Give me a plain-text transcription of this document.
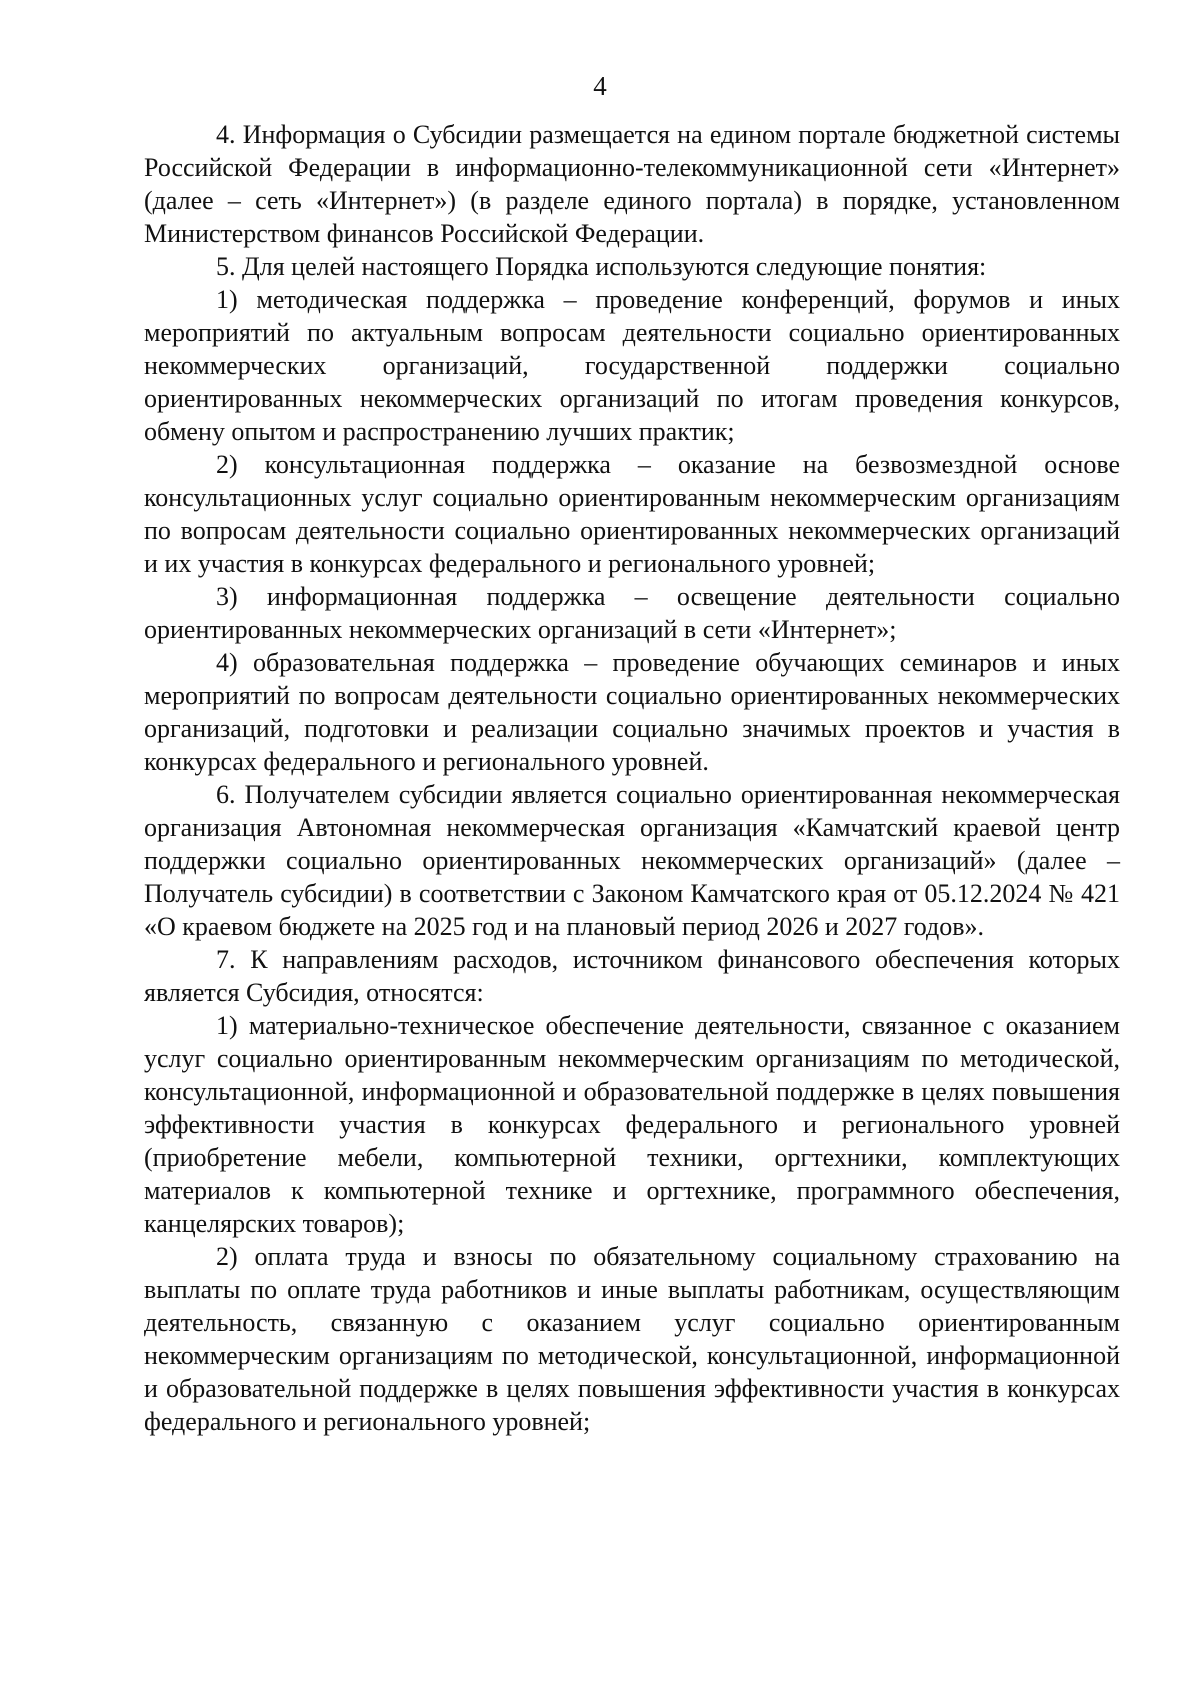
4

4. Информация о Субсидии размещается на едином портале бюджетной системы Российской Федерации в информационно-телекоммуникационной сети «Интернет» (далее – сеть «Интернет») (в разделе единого портала) в порядке, установленном Министерством финансов Российской Федерации.

5. Для целей настоящего Порядка используются следующие понятия:

1) методическая поддержка – проведение конференций, форумов и иных мероприятий по актуальным вопросам деятельности социально ориентированных некоммерческих организаций, государственной поддержки социально ориентированных некоммерческих организаций по итогам проведения конкурсов, обмену опытом и распространению лучших практик;

2) консультационная поддержка – оказание на безвозмездной основе консультационных услуг социально ориентированным некоммерческим организациям по вопросам деятельности социально ориентированных некоммерческих организаций и их участия в конкурсах федерального и регионального уровней;

3) информационная поддержка – освещение деятельности социально ориентированных некоммерческих организаций в сети «Интернет»;

4) образовательная поддержка – проведение обучающих семинаров и иных мероприятий по вопросам деятельности социально ориентированных некоммерческих организаций, подготовки и реализации социально значимых проектов и участия в конкурсах федерального и регионального уровней.

6. Получателем субсидии является социально ориентированная некоммерческая организация Автономная некоммерческая организация «Камчатский краевой центр поддержки социально ориентированных некоммерческих организаций» (далее – Получатель субсидии) в соответствии с Законом Камчатского края от 05.12.2024 № 421 «О краевом бюджете на 2025 год и на плановый период 2026 и 2027 годов».

7. К направлениям расходов, источником финансового обеспечения которых является Субсидия, относятся:

1) материально-техническое обеспечение деятельности, связанное с оказанием услуг социально ориентированным некоммерческим организациям по методической, консультационной, информационной и образовательной поддержке в целях повышения эффективности участия в конкурсах федерального и регионального уровней (приобретение мебели, компьютерной техники, оргтехники, комплектующих материалов к компьютерной технике и оргтехнике, программного обеспечения, канцелярских товаров);

2) оплата труда и взносы по обязательному социальному страхованию на выплаты по оплате труда работников и иные выплаты работникам, осуществляющим деятельность, связанную с оказанием услуг социально ориентированным некоммерческим организациям по методической, консультационной, информационной и образовательной поддержке в целях повышения эффективности участия в конкурсах федерального и регионального уровней;
